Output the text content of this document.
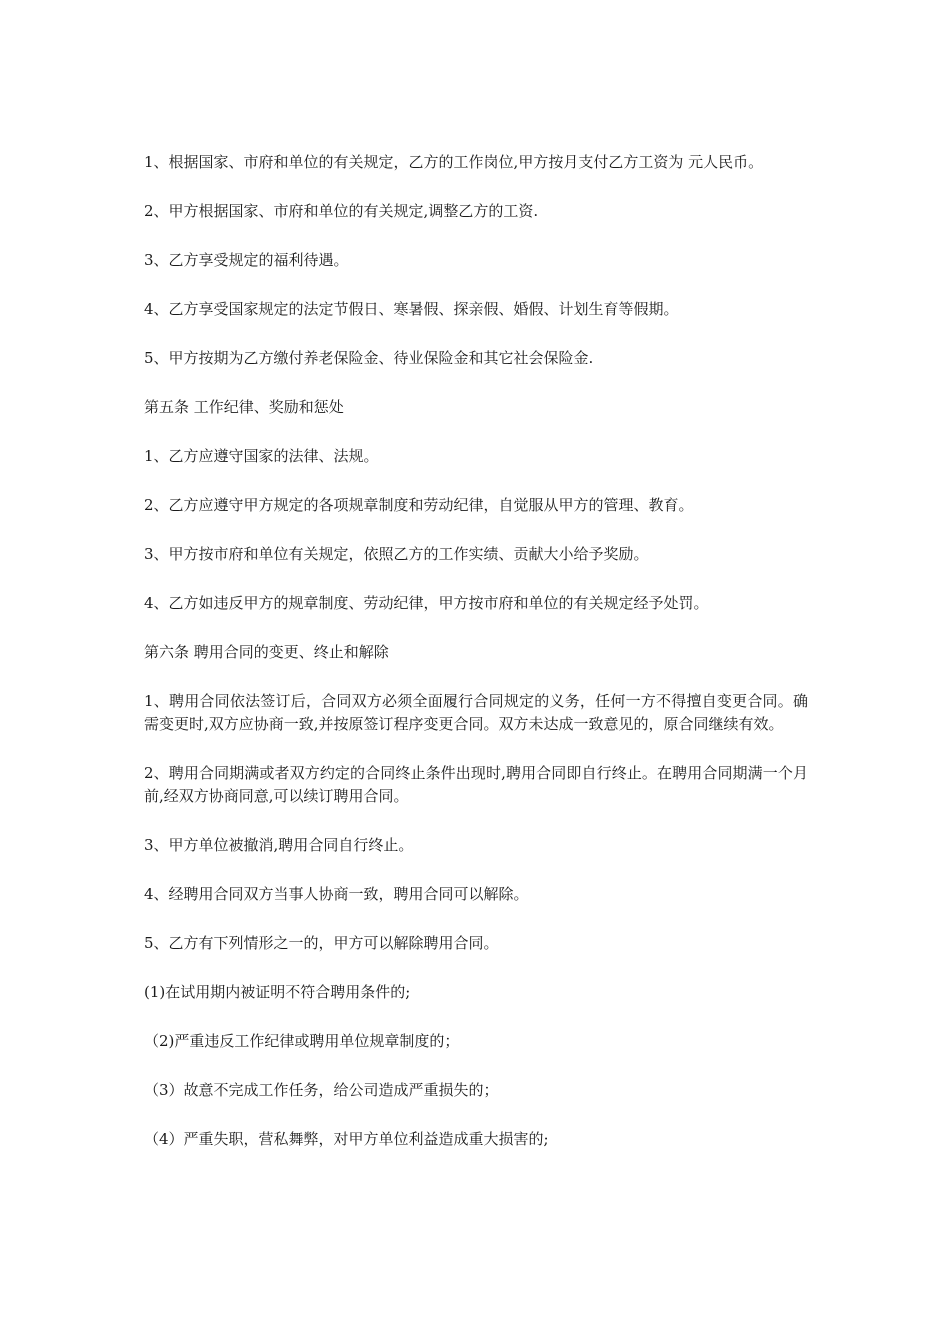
1、根据国家、市府和单位的有关规定，乙方的工作岗位,甲方按月支付乙方工资为 元人民币。

2、甲方根据国家、市府和单位的有关规定,调整乙方的工资.

3、乙方享受规定的福利待遇。

4、乙方享受国家规定的法定节假日、寒暑假、探亲假、婚假、计划生育等假期。

5、甲方按期为乙方缴付养老保险金、待业保险金和其它社会保险金.

第五条 工作纪律、奖励和惩处

1、乙方应遵守国家的法律、法规。

2、乙方应遵守甲方规定的各项规章制度和劳动纪律，自觉服从甲方的管理、教育。

3、甲方按市府和单位有关规定，依照乙方的工作实绩、贡献大小给予奖励。

4、乙方如违反甲方的规章制度、劳动纪律，甲方按市府和单位的有关规定经予处罚。

第六条 聘用合同的变更、终止和解除

1、聘用合同依法签订后，合同双方必须全面履行合同规定的义务，任何一方不得擅自变更合同。确需变更时,双方应协商一致,并按原签订程序变更合同。双方未达成一致意见的，原合同继续有效。

2、聘用合同期满或者双方约定的合同终止条件出现时,聘用合同即自行终止。在聘用合同期满一个月前,经双方协商同意,可以续订聘用合同。

3、甲方单位被撤消,聘用合同自行终止。

4、经聘用合同双方当事人协商一致，聘用合同可以解除。

5、乙方有下列情形之一的，甲方可以解除聘用合同。

(1)在试用期内被证明不符合聘用条件的;

（2)严重违反工作纪律或聘用单位规章制度的；

（3）故意不完成工作任务，给公司造成严重损失的；

（4）严重失职，营私舞弊，对甲方单位利益造成重大损害的;
